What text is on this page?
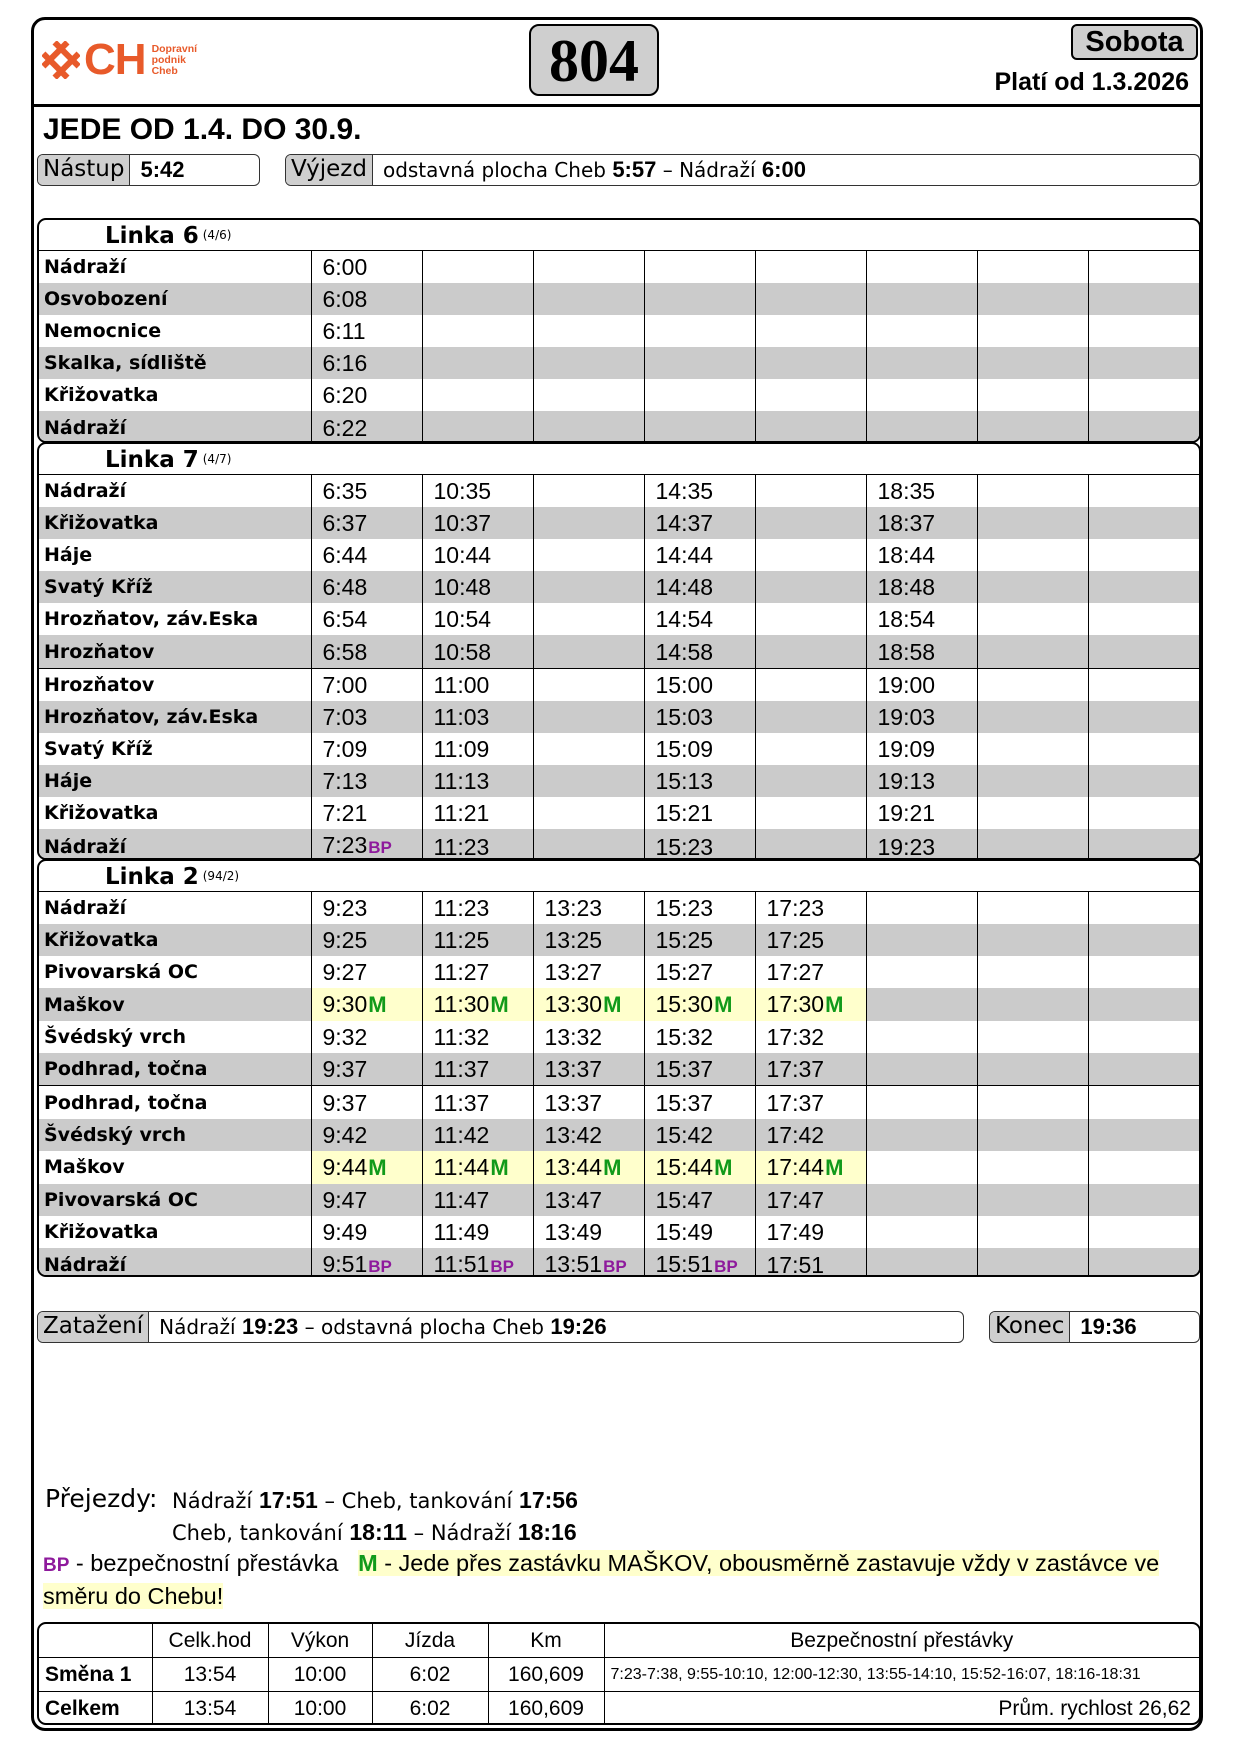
CH Dopravní
podnik
Cheb	804	Sobota
Platí od 1.3.2026
JEDE OD 1.4. DO 30.9.
Nástup 5:42	Výjezd odstavná plocha Cheb 5:57 – Nádraží 6:00
Linka 6 (4/6)
Nádraží	6:00							
Osvobození	6:08							
Nemocnice	6:11							
Skalka, sídliště	6:16							
Křižovatka	6:20							
Nádraží	6:22							
Linka 7 (4/7)
Nádraží	6:35	10:35		14:35		18:35		
Křižovatka	6:37	10:37		14:37		18:37		
Háje	6:44	10:44		14:44		18:44		
Svatý Kříž	6:48	10:48		14:48		18:48		
Hrozňatov, záv.Eska	6:54	10:54		14:54		18:54		
Hrozňatov	6:58	10:58		14:58		18:58		
Hrozňatov	7:00	11:00		15:00		19:00		
Hrozňatov, záv.Eska	7:03	11:03		15:03		19:03		
Svatý Kříž	7:09	11:09		15:09		19:09		
Háje	7:13	11:13		15:13		19:13		
Křižovatka	7:21	11:21		15:21		19:21		
Nádraží	7:23BP	11:23		15:23		19:23		
Linka 2 (94/2)
Nádraží	9:23	11:23	13:23	15:23	17:23			
Křižovatka	9:25	11:25	13:25	15:25	17:25			
Pivovarská OC	9:27	11:27	13:27	15:27	17:27			
Maškov	9:30M	11:30M	13:30M	15:30M	17:30M			
Švédský vrch	9:32	11:32	13:32	15:32	17:32			
Podhrad, točna	9:37	11:37	13:37	15:37	17:37			
Podhrad, točna	9:37	11:37	13:37	15:37	17:37			
Švédský vrch	9:42	11:42	13:42	15:42	17:42			
Maškov	9:44M	11:44M	13:44M	15:44M	17:44M			
Pivovarská OC	9:47	11:47	13:47	15:47	17:47			
Křižovatka	9:49	11:49	13:49	15:49	17:49			
Nádraží	9:51BP	11:51BP	13:51BP	15:51BP	17:51			
Zatažení Nádraží 19:23 – odstavná plocha Cheb 19:26	Konec 19:36
Přejezdy: Nádraží 17:51 – Cheb, tankování 17:56
Cheb, tankování 18:11 – Nádraží 18:16
BP - bezpečnostní přestávka M - Jede přes zastávku MAŠKOV, obousměrně zastavuje vždy v zastávce ve směru do Chebu!
	Celk.hod	Výkon	Jízda	Km	Bezpečnostní přestávky
Směna 1	13:54	10:00	6:02	160,609	7:23-7:38, 9:55-10:10, 12:00-12:30, 13:55-14:10, 15:52-16:07, 18:16-18:31
Celkem	13:54	10:00	6:02	160,609	Prům. rychlost 26,62
